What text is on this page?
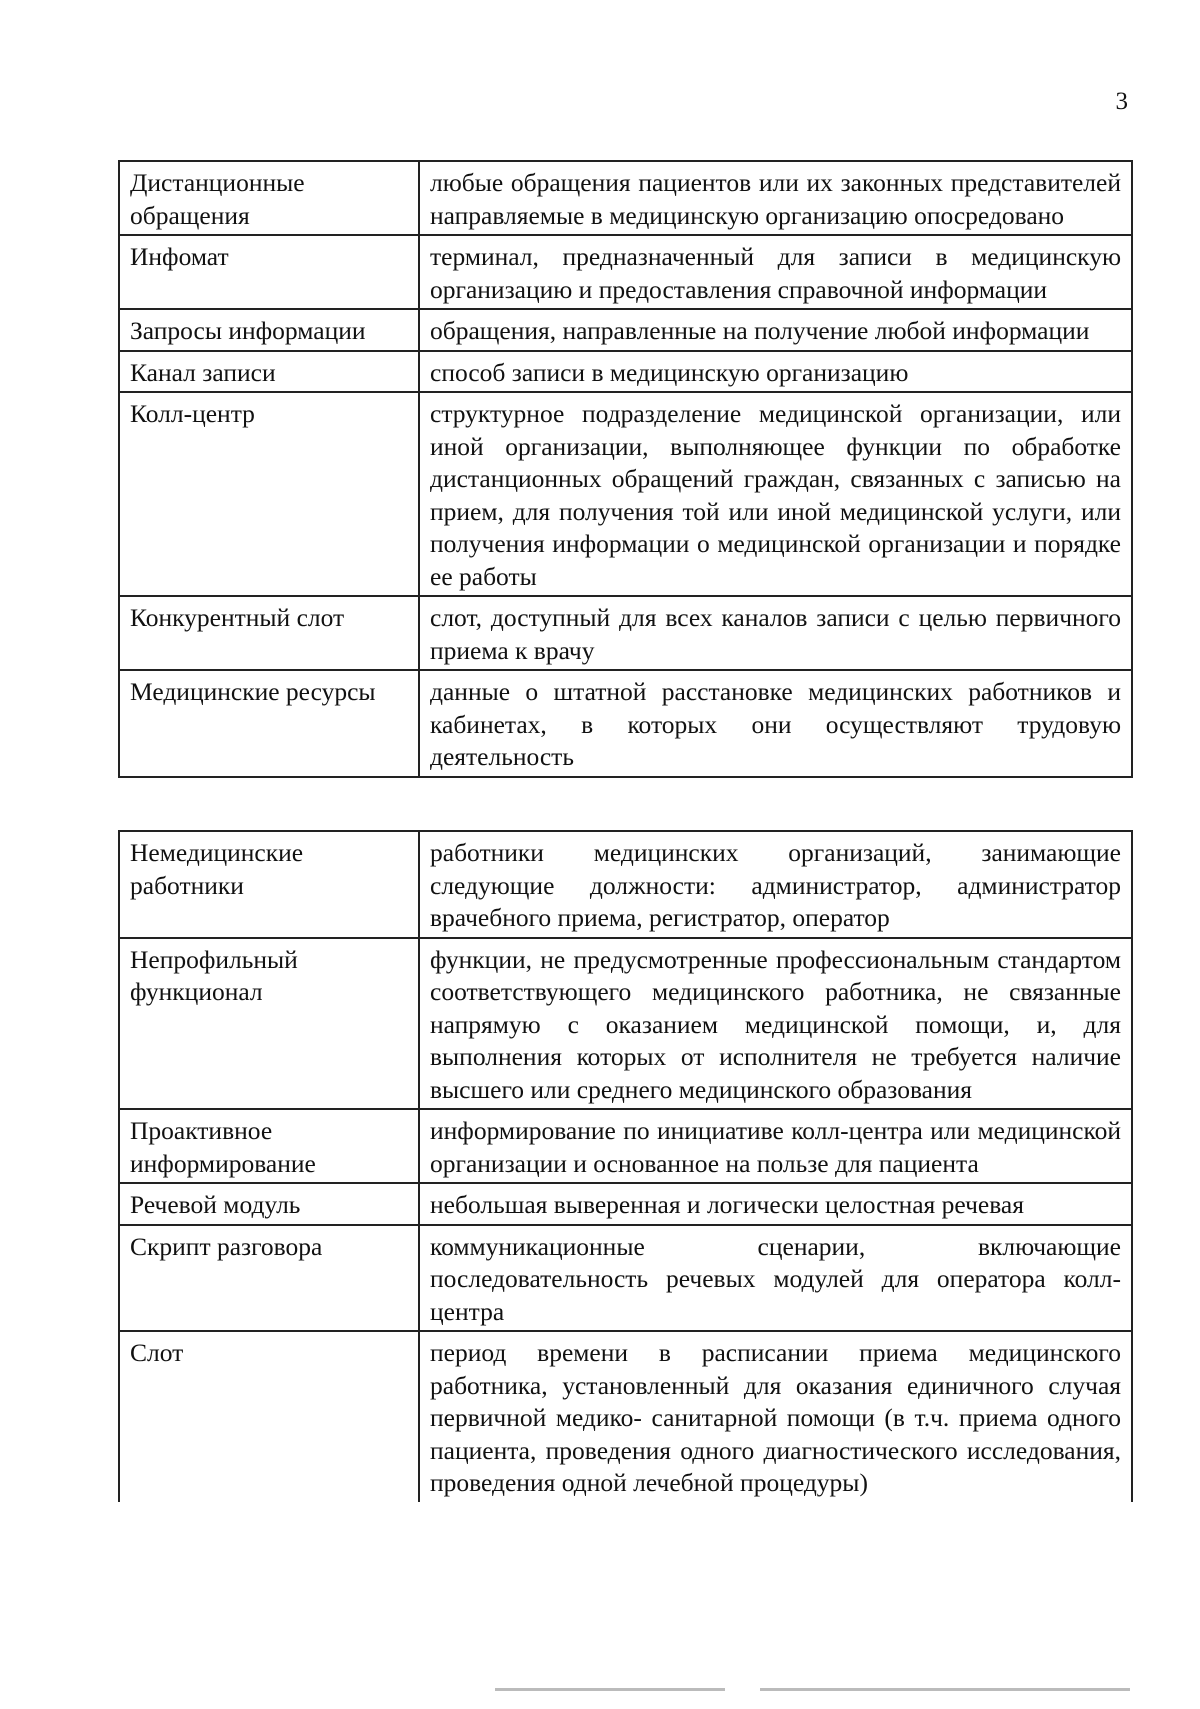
3
Дистанционные обращения	любые обращения пациентов или их законных представителей направляемые в медицинскую организацию опосредовано
Инфомат	терминал, предназначенный для записи в медицинскую организацию и предоставления справочной информации
Запросы информации	обращения, направленные на получение любой информации
Канал записи	способ записи в медицинскую организацию
Колл-центр	структурное подразделение медицинской организации, или иной организации, выполняющее функции по обработке дистанционных обращений граждан, связанных с записью на прием, для получения той или иной медицинской услуги, или получения информации о медицинской организации и порядке ее работы
Конкурентный слот	слот, доступный для всех каналов записи с целью первичного приема к врачу
Медицинские ресурсы	данные о штатной расстановке медицинских работников и кабинетах, в которых они осуществляют трудовую деятельность
Немедицинские работники	работники медицинских организаций, занимающие следующие должности: администратор, администратор врачебного приема, регистратор, оператор
Непрофильный функционал	функции, не предусмотренные профессиональным стандартом соответствующего медицинского работника, не связанные напрямую с оказанием медицинской помощи, и, для выполнения которых от исполнителя не требуется наличие высшего или среднего медицинского образования
Проактивное информирование	информирование по инициативе колл-центра или медицинской организации и основанное на пользе для пациента
Речевой модуль	небольшая выверенная и логически целостная речевая
Скрипт разговора	коммуникационные сценарии, включающие последовательность речевых модулей для оператора колл-центра
Слот	период времени в расписании приема медицинского работника, установленный для оказания единичного случая первичной медико- санитарной помощи (в т.ч. приема одного пациента, проведения одного диагностического исследования, проведения одной лечебной процедуры)
